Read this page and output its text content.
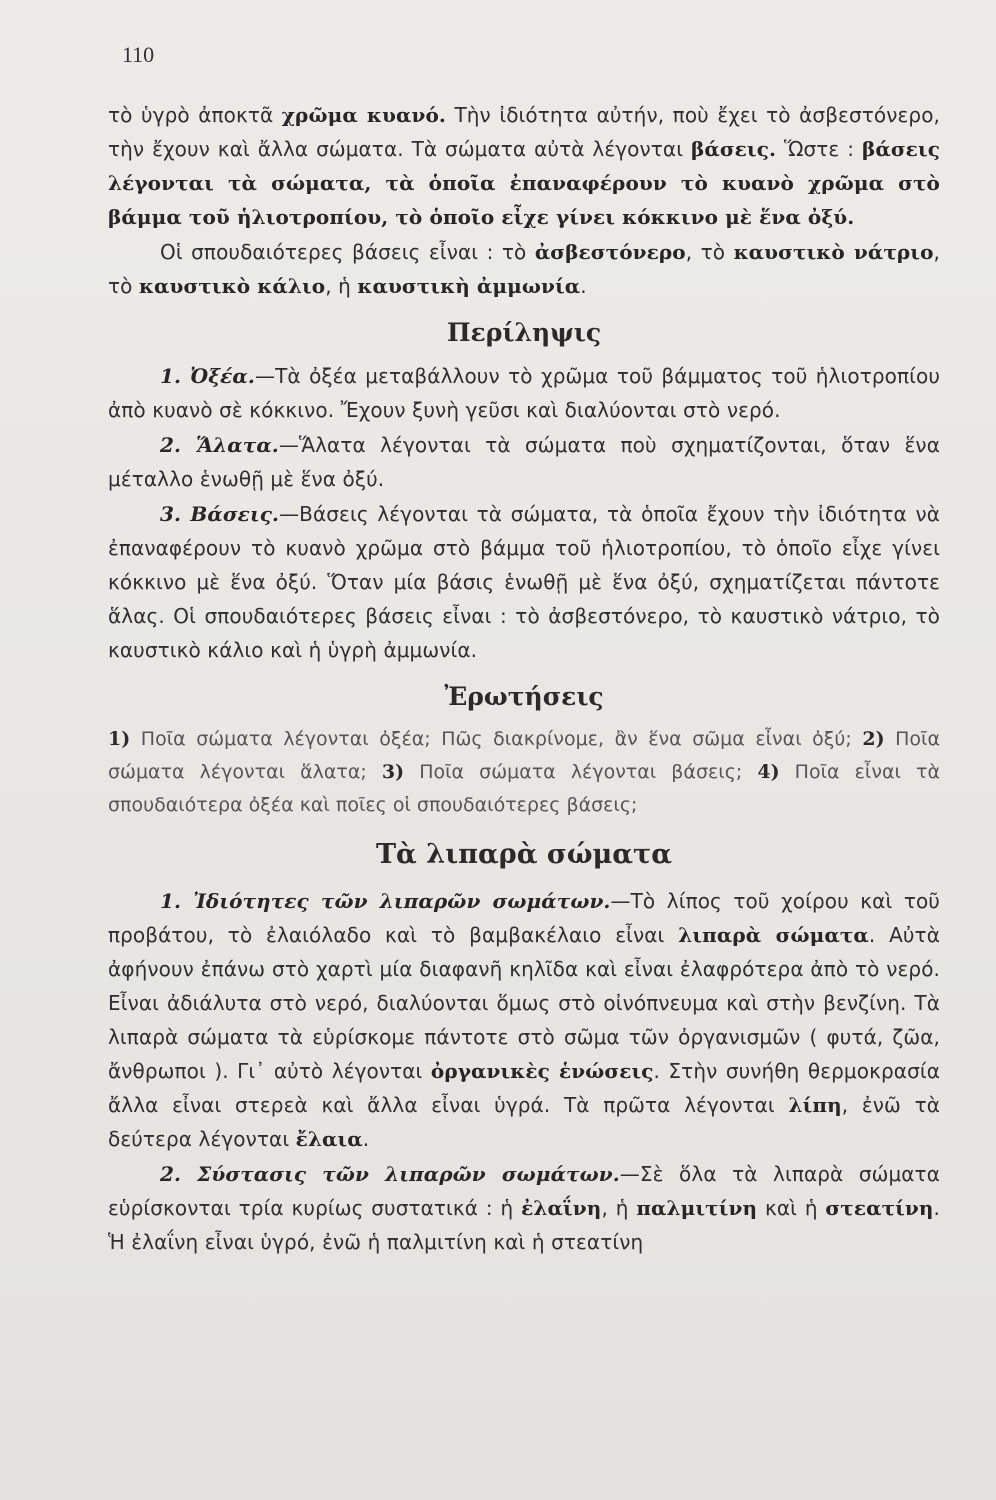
110

τὸ ὑγρὸ ἀποκτᾶ χρῶμα κυανό. Τὴν ἰδιότητα αὐτήν, ποὺ ἔχει τὸ ἀσβεστόνερο, τὴν ἔχουν καὶ ἄλλα σώματα. Τὰ σώματα αὐτὰ λέγονται βάσεις. Ὥστε : βάσεις λέγονται τὰ σώματα, τὰ ὁποῖα ἐπαναφέρουν τὸ κυανὸ χρῶμα στὸ βάμμα τοῦ ἡλιοτροπίου, τὸ ὁποῖο εἶχε γίνει κόκκινο μὲ ἕνα ὀξύ.

Οἱ σπουδαιότερες βάσεις εἶναι : τὸ ἀσβεστόνερο, τὸ καυστικὸ νάτριο, τὸ καυστικὸ κάλιο, ἡ καυστικὴ ἀμμωνία.

Περίληψις

1. Ὀξέα.—Τὰ ὀξέα μεταβάλλουν τὸ χρῶμα τοῦ βάμματος τοῦ ἡλιοτροπίου ἀπὸ κυανὸ σὲ κόκκινο. Ἔχουν ξυνὴ γεῦσι καὶ διαλύονται στὸ νερό.

2. Ἅλατα.—Ἅλατα λέγονται τὰ σώματα ποὺ σχηματίζονται, ὅταν ἕνα μέταλλο ἑνωθῇ μὲ ἕνα ὀξύ.

3. Βάσεις.—Βάσεις λέγονται τὰ σώματα, τὰ ὁποῖα ἔχουν τὴν ἰδιότητα νὰ ἐπαναφέρουν τὸ κυανὸ χρῶμα στὸ βάμμα τοῦ ἡλιοτροπίου, τὸ ὁποῖο εἶχε γίνει κόκκινο μὲ ἕνα ὀξύ. Ὅταν μία βάσις ἑνωθῇ μὲ ἕνα ὀξύ, σχηματίζεται πάντοτε ἅλας. Οἱ σπουδαιότερες βάσεις εἶναι : τὸ ἀσβεστόνερο, τὸ καυστικὸ νάτριο, τὸ καυστικὸ κάλιο καὶ ἡ ὑγρὴ ἀμμωνία.

Ἐρωτήσεις

1) Ποῖα σώματα λέγονται ὀξέα; Πῶς διακρίνομε, ἂν ἕνα σῶμα εἶναι ὀξύ; 2) Ποῖα σώματα λέγονται ἅλατα; 3) Ποῖα σώματα λέγονται βάσεις; 4) Ποῖα εἶναι τὰ σπουδαιότερα ὀξέα καὶ ποῖες οἱ σπουδαιότερες βάσεις;

Τὰ λιπαρὰ σώματα

1. Ἰδιότητες τῶν λιπαρῶν σωμάτων.—Τὸ λίπος τοῦ χοίρου καὶ τοῦ προβάτου, τὸ ἐλαιόλαδο καὶ τὸ βαμβακέλαιο εἶναι λιπαρὰ σώματα. Αὐτὰ ἀφήνουν ἐπάνω στὸ χαρτὶ μία διαφανῆ κηλῖδα καὶ εἶναι ἐλαφρότερα ἀπὸ τὸ νερό. Εἶναι ἀδιάλυτα στὸ νερό, διαλύονται ὅμως στὸ οἰνόπνευμα καὶ στὴν βενζίνη. Τὰ λιπαρὰ σώματα τὰ εὑρίσκομε πάντοτε στὸ σῶμα τῶν ὀργανισμῶν ( φυτά, ζῶα, ἄνθρωποι ). Γι᾿ αὐτὸ λέγονται ὀργανικὲς ἑνώσεις. Στὴν συνήθη θερμοκρασία ἄλλα εἶναι στερεὰ καὶ ἄλλα εἶναι ὑγρά. Τὰ πρῶτα λέγονται λίπη, ἐνῶ τὰ δεύτερα λέγονται ἔλαια.

2. Σύστασις τῶν λιπαρῶν σωμάτων.—Σὲ ὅλα τὰ λιπαρὰ σώματα εὑρίσκονται τρία κυρίως συστατικά : ἡ ἐλαΐνη, ἡ παλμιτίνη καὶ ἡ στεατίνη. Ἡ ἐλαΐνη εἶναι ὑγρό, ἐνῶ ἡ παλμιτίνη καὶ ἡ στεατίνη
